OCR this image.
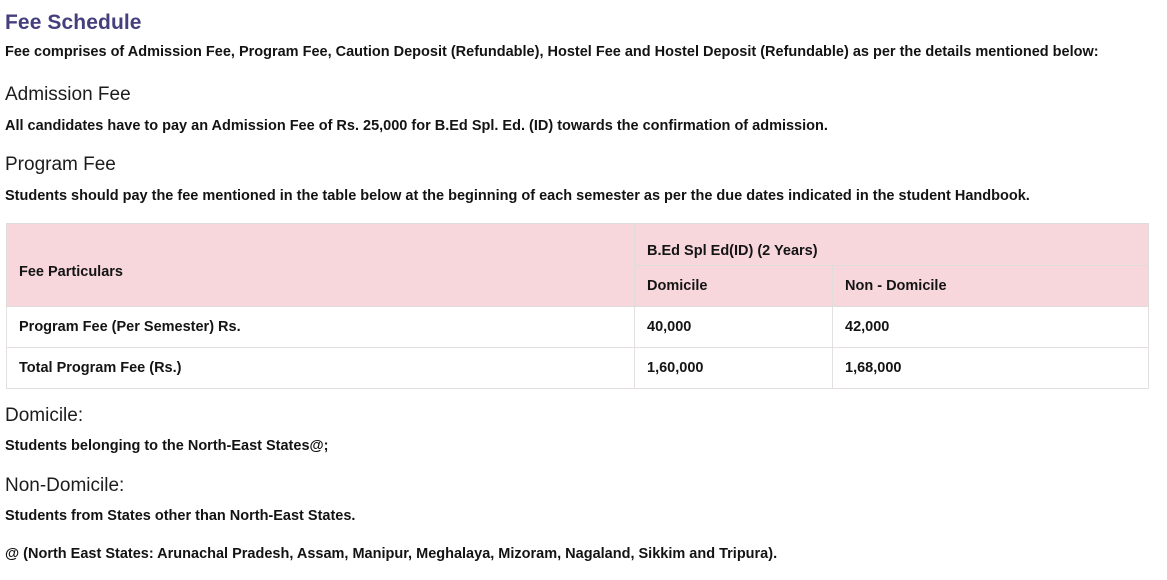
Fee Schedule
Fee comprises of Admission Fee, Program Fee, Caution Deposit (Refundable), Hostel Fee and Hostel Deposit (Refundable) as per the details mentioned below:
Admission Fee
All candidates have to pay an Admission Fee of Rs. 25,000 for B.Ed Spl. Ed. (ID) towards the confirmation of admission.
Program Fee
Students should pay the fee mentioned in the table below at the beginning of each semester as per the due dates indicated in the student Handbook.
Fee Particulars	B.Ed Spl Ed(ID) (2 Years)	

	Domicile	Non - Domicile

Program Fee (Per Semester) Rs.	40,000	42,000

Total Program Fee (Rs.)	1,60,000	1,68,000
Domicile:
Students belonging to the North-East States@;
Non-Domicile:
Students from States other than North-East States.
@ (North East States: Arunachal Pradesh, Assam, Manipur, Meghalaya, Mizoram, Nagaland, Sikkim and Tripura).
